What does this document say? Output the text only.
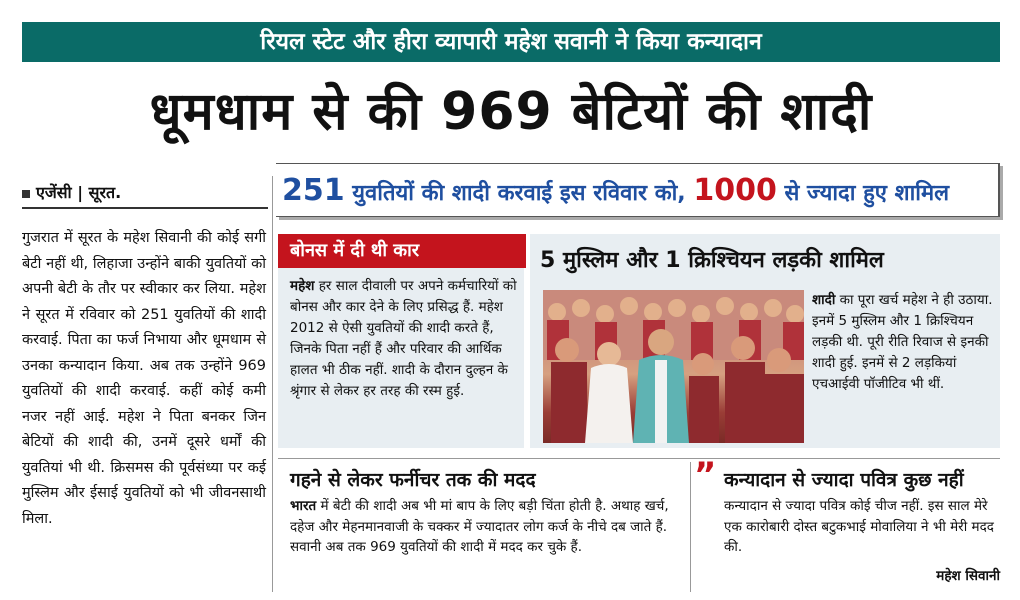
रियल स्टेट और हीरा व्यापारी महेश सवानी ने किया कन्यादान
धूमधाम से की 969 बेटियों की शादी
एजेंसी | सूरत.
गुजरात में सूरत के महेश सिवानी की कोई सगी बेटी नहीं थी, लिहाजा उन्होंने बाकी युवतियों को अपनी बेटी के तौर पर स्वीकार कर लिया. महेश ने सूरत में रविवार को 251 युवतियों की शादी करवाई. पिता का फर्ज निभाया और धूमधाम से उनका कन्यादान किया. अब तक उन्होंने 969 युवतियों की शादी करवाई. कहीं कोई कमी नजर नहीं आई. महेश ने पिता बनकर जिन बेटियों की शादी की, उनमें दूसरे धर्मों की युवतियां भी थी. क्रिसमस की पूर्वसंध्या पर कई मुस्लिम और ईसाई युवतियों को भी जीवनसाथी मिला.
251 युवतियों की शादी करवाई इस रविवार को, 1000 से ज्यादा हुए शामिल
बोनस में दी थी कार
महेश हर साल दीवाली पर अपने कर्मचारियों को बोनस और कार देने के लिए प्रसिद्ध हैं. महेश 2012 से ऐसी युवतियों की शादी करते हैं, जिनके पिता नहीं हैं और परिवार की आर्थिक हालत भी ठीक नहीं. शादी के दौरान दुल्हन के श्रृंगार से लेकर हर तरह की रस्म हुई.
5 मुस्लिम और 1 क्रिश्चियन लड़की शामिल
शादी का पूरा खर्च महेश ने ही उठाया. इनमें 5 मुस्लिम और 1 क्रिश्चियन लड़की थी. पूरी रीति रिवाज से इनकी शादी हुई. इनमें से 2 लड़कियां एचआईवी पॉजीटिव भी थीं.
गहने से लेकर फर्नीचर तक की मदद
भारत में बेटी की शादी अब भी मां बाप के लिए बड़ी चिंता होती है. अथाह खर्च, दहेज और मेहनमानवाजी के चक्कर में ज्यादातर लोग कर्ज के नीचे दब जाते हैं. सवानी अब तक 969 युवतियों की शादी में मदद कर चुके हैं.
” कन्यादान से ज्यादा पवित्र कुछ नहीं
कन्यादान से ज्यादा पवित्र कोई चीज नहीं. इस साल मेरे एक कारोबारी दोस्त बटुकभाई मोवालिया ने भी मेरी मदद की.
महेश सिवानी
